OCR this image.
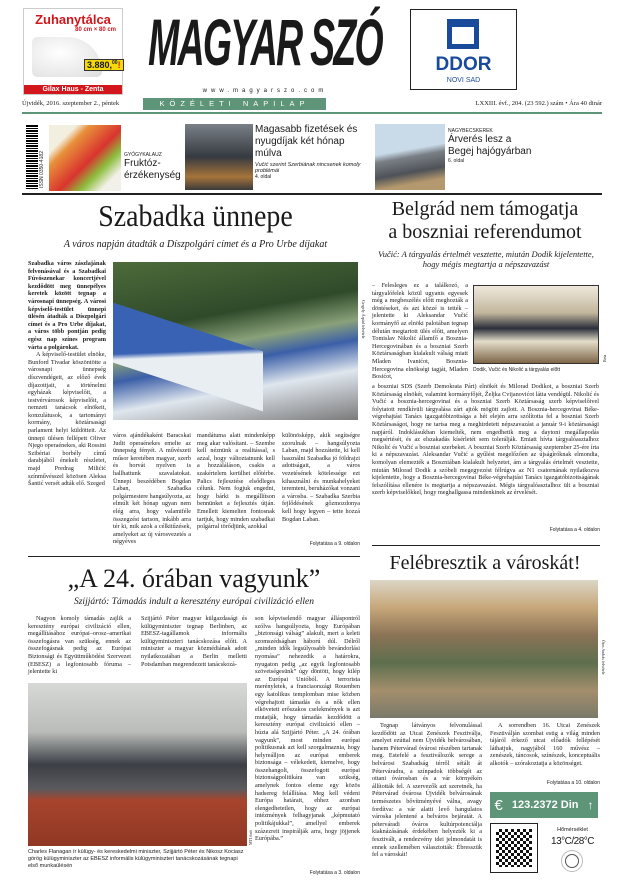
Zuhanytálca
80 cm × 80 cm
3.880,00!
Gilax Haus - Zenta
MAGYAR SZÓ
www.magyarszo.com
DDOR
NOVI SAD
Újvidék, 2016. szeptember 2., péntek	KÖZÉLETI NAPILAP	LXXIII. évf., 204. (23 592.) szám • Ára 40 dinár
ISSN 0350-4182	GYÓGYKALAUZ
Fruktóz-érzékenység
Magasabb fizetések és nyugdíjak két hónap múlva
Vučić szerint Szerbiának nincsenek komoly problémái
4. oldal
NAGYBECSKEREK
Árverés lesz a Begej hajógyárban
6. oldal
Szabadka ünnepe
A város napján átadták a Díszpolgári címet és a Pro Urbe díjakat

Szabadka város zászlajának felvonásával és a Szabadkai Fúvószenekar koncertjével kezdődött meg ünnepélyes keretek között tegnap a városnapi ünnepség. A városi képviselő-testület ünnepi ülésén átadták a Díszpolgári címet és a Pro Urbe díjakat, a város több pontján pedig egész nap színes program várta a polgárokat.

A képviselő-testület elnöke, Bunford Tivadar köszöntötte a városnapi ünnepség díszvendégeit, az előző évek díjazottjait, a történelmi egyházak képviselőit, a testvérvárosok képviselőit, a nemzeti tanácsok elnökeit, konzulátusok, a tartományi kormány, köztársasági parlament helyi küldötteit. Az ünnepi ülésen fellépett Oliver Njego operaénekes, aki Rossini Szibériai borbély című darabjából énekelt részletet, majd Predrag Milićić színművésszel közösen Aleksa Šantić versét adták elő. Szeged

Gergely Árpád felvétele
város ajándékaként Baracskai Judit operaénekes emelte az ünnepség fényét. A művészeti műsor keretében magyar, szerb és horvát nyelven is hallhattunk szavalatokat. Ünnepi beszédében Bogdan Laban, Szabadka polgármestere hangsúlyozta, az elmúlt két hónap ugyan nem elég arra, hogy valamiféle összegzést tartson, inkább arra tér ki, mik azok a célkitűzések, amelyeket az új városvezetés a négyéves
mandátuma alatt mindenképp meg akar valósítani. – Szembe kell néznünk a realitással, s azzal, hogy változtatnunk kell a hozzáláláson, csakis a szakértelem kerülhet előtérbe. Palics fejlesztése elsődleges célunk. Nem fogjuk engedni, hogy bárki is megállítson bennünket a fejlesztés útján. Emellett kiemelten fontosnak tartjuk, hogy minden szabadkai polgárral törődjünk, azokkal
különösképp, akik segítségre szorulnak – hangsúlyozta Laban, majd hozzátette, ki kell használni Szabadka jó földrajzi adottságait, a város vezetésének kötelessége ezt kihasználni és munkahelyeket teremteni, beruházókat vonzani a városba. – Szabadka Szerbia fejlődésének gőzmozdonya kell hogy legyen – tette hozzá Bogdan Laban.
Folytatása a 9. oldalon
„A 24. órában vagyunk”
Szijjártó: Támadás indult a keresztény európai civilizáció ellen
Nagyon komoly támadás zajlik a keresztény európai civilizáció ellen, megállításához európai–orosz–amerikai összefogásra van szükség, ennek az összefogásnak pedig az Európai Biztonsági és Együttműködési Szervezet (EBESZ) a legfontosabb fóruma – jelentette ki
Szijjártó Péter magyar külgazdasági és külügyminiszter tegnap Berlinben, az EBESZ-tagállamok informális külügyminiszteri tanácskozása előtt. A miniszter a magyar közmédiának adott nyilatkozatában a Berlin melletti Potsdamban megrendezett tanácskozá-
son képviselendő magyar álláspontról szólva hangsúlyozta, hogy Európában „biztonsági válság” alakult, mert a keleti szomszédságban háború dúl. Délről „minden idők legsúlyosabb bevándorlási nyomása” nehezedik a határokra, nyugaton pedig „az egyik legfontosabb szövetségesünk” úgy döntött, hogy kilép az Európai Unióból. A terrorista merényletek, a franciaországi Rouenben egy katolikus templomban mise közben végrehajtott támadás és a nők ellen elkövetett erőszakos cselekmények is azt mutatják, hogy támadás kezdődött a keresztény európai civilizáció ellen – húzta alá Szijjártó Péter. „A 24. órában vagyunk”, most minden európai politikusnak azt kell szorgalmaznia, hogy helyreálljon az európai emberek biztonsága – vélekedett, kiemelve, hogy összehangolt, összefogott európai biztonságpolitikára van szükség, amelynek fontos eleme egy közös hadsereg felállítása. Meg kell védeni Európa határait, ehhez azonban elengedhetetlen, hogy az európai intézmények felhagyjanak „képmutató politikájukkal”, amellyel emberek százezreit inspirálják arra, hogy jöjjenek Európába.”
MTI fotó
Charles Flanagan ír külügy- és kereskedelmi miniszter, Szijjártó Péter és Nikosz Kociasz görög külügyminiszter az EBESZ informális külügyminiszteri tanácskozásának tegnapi első munkaülésén
Folytatása a 3. oldalon
Belgrád nem támogatja
a boszniai referendumot
Vučić: A tárgyalás értelmét vesztette, miután Dodik kijelentette, hogy mégis megtartja a népszavazást
– Felesleges ez a találkozó, a tárgyalófelek közül ugyanis egyesek még a megbeszélés előtt meghozták a döntéseket, és azt közzé is tették – jelentette ki Aleksandar Vučić kormányfő az elnöki palotában tegnap délután megtartott ülés előtt, amelyen Tomislav Nikolić államfő a Bosznia-Hercegovinában és a boszniai Szerb Köztársaságban kialakult válság miatt Mladen Ivanićot, Bosznia-Hercegovina elnökségi tagját, Mladen Bosićot,
Dodik, Vučić és Nikolić a tárgyalás előtt
Beta
a boszniai SDS (Szerb Demokrata Párt) elnökét és Milorad Dodikot, a boszniai Szerb Köztársaság elnökét, valamint kormányfőjét, Željka Cvijanovićot látta vendégül. Nikolić és Vučić a bosznia-hercegovinai és a boszniai Szerb Köztársaság szerb képviselőivel folytatott rendkívüli tárgyalása zárt ajtók mögött zajlott. A Bosznia-hercegovinai Béke-végrehajtási Tanács igazgatóbizottsága a hét elején arra szólította fel a boszniai Szerb Köztársaságot, hogy ne tartsa meg a meghirdetett népszavazást a január 9-i köztársasági napjáról. Indoklásukban kiemelték, nem engedhetik meg a daytoni megállapodás megsértését, és az elszakadás kísérletét sem tolerálják. Emiatt hívta tárgyalóasztalhoz Nikolić és Vučić a boszniai szerbeket. A boszniai Szerb Köztársaság szeptember 25-ére írta ki a népszavazást. Aleksandar Vučić a gyűlést megelőzően az újságíróknak elmondta, komolyan elemezték a Boszniában kialakult helyzetet, ám a tárgyalás értelmét vesztette, miután Milorad Dodik a szóbeli megegyezést félrúgva az N1 csatornának nyilatkozva kijelentette, hogy a Bosznia-hercegovinai Béke-végrehajtási Tanács igazgatóbizottságának felszólítása ellenére is megtartja a népszavazást. Mégis tárgyalóasztalhoz ült a boszniai szerb képviselőkkel, hogy meghallgassa mindenkinek az érvelését.
Folytatása a 4. oldalon
Felébresztik a városkát!
Ótos András felvétele
Tegnap látványos felvonulással kezdődött az Utcai Zenészek Fesztiválja, amelyet ezúttal nem Újvidék belvárosában, hanem Pétervárad óvárosi részében tartanak meg. Estefelé a fesztiválozók serege a belvárosi Szabadság térről sétált át Péterváradra, a színpadok többségét az ottani óvárosban és a vár környékén állították fel. A szervezők azt szeretnék, ha Pétervárad óvárosa Újvidék belvárosának természetes bővítményévé válna, avagy fordítva: a vár alatti levő hangulatos városka jelentené a belváros bejáratát. A péterváradi óváros kultúrpotenciálja kiaknázásának érdekében helyezték ki a fesztivált, a rendezvény idei jelmondatát is ennek szellemében választották: Ébresszük fel a városkát!
A sorrendben 16. Utcai Zenészek Fesztiválján szombat estig a világ minden tájáról érkező utcai előadók fellépését láthatjuk, nagyjából 160 művész – zenészek, táncosok, színészek, konceptuális alkotók – szórakoztatja a közönséget.
Folytatása a 10. oldalon
€ 123.2372 Din ↑
Hőmérséklet
13°C/28°C
